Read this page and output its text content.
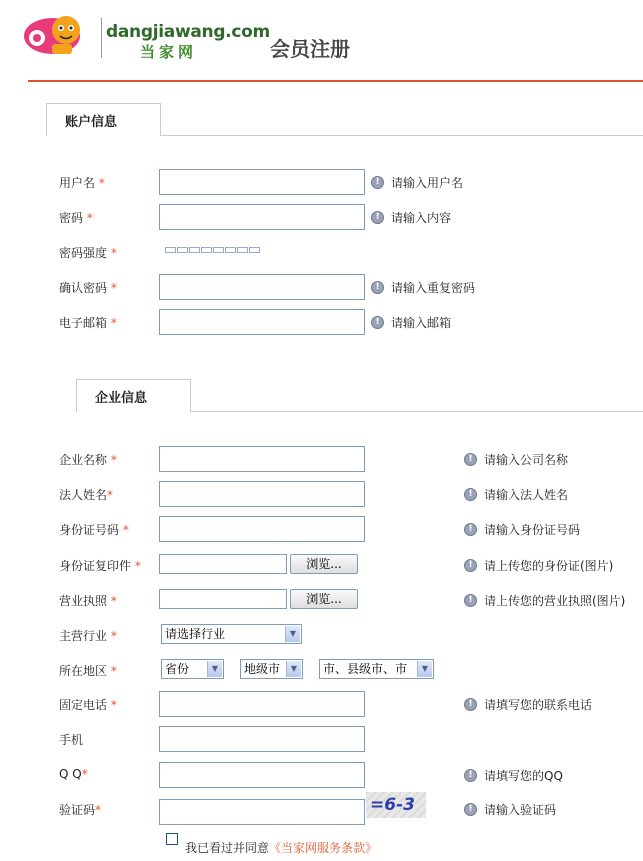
dangjiawang.com
当家网	会员注册
账户信息
用户名 *	! 请输入用户名
密码 *	! 请输入内容
密码强度 *
确认密码 *	! 请输入重复密码
电子邮箱 *	! 请输入邮箱
企业信息
企业名称 *	! 请输入公司名称
法人姓名*	! 请输入法人姓名
身份证号码 *	! 请输入身份证号码
身份证复印件 *	浏览...	! 请上传您的身份证(图片)
营业执照 *	浏览...	! 请上传您的营业执照(图片)
主营行业 *	请选择行业	▼
所在地区 *	省份	▼	地级市	▼	市、县级市、市	▼
固定电话 *	! 请填写您的联系电话
手机
Q Q*	! 请填写您的QQ
验证码*	=6-3	! 请输入验证码
我已看过并同意《当家网服务条款》
